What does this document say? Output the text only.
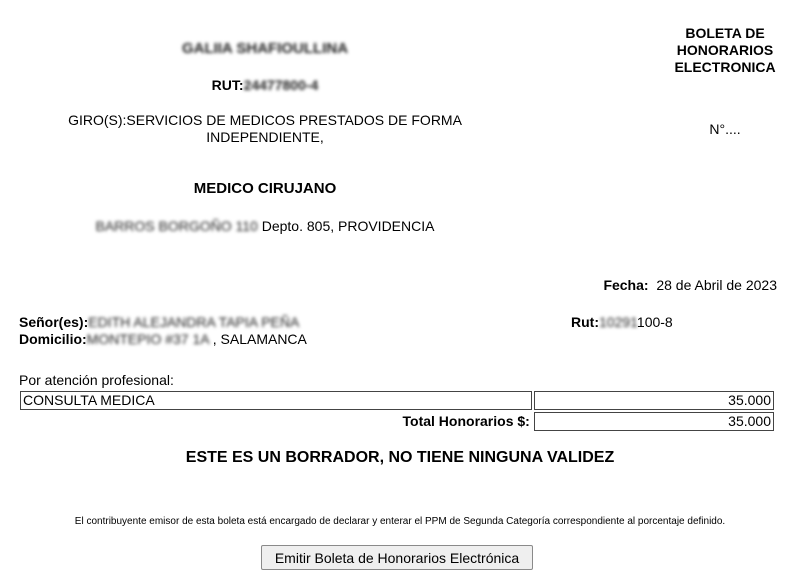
GALIIA SHAFIOULLINA
RUT:24477800-4
GIRO(S):SERVICIOS DE MEDICOS PRESTADOS DE FORMA INDEPENDIENTE,
MEDICO CIRUJANO
BARROS BORGOÑO 110 Depto. 805, PROVIDENCIA
BOLETA DE
HONORARIOS
ELECTRONICA
N°....
Fecha: 28 de Abril de 2023
Señor(es):EDITH ALEJANDRA TAPIA PEÑA
Domicilio:MONTEPIO #37 1A , SALAMANCA
Rut:10291100-8
Por atención profesional:
CONSULTA MEDICA	35.000
Total Honorarios $:	35.000
ESTE ES UN BORRADOR, NO TIENE NINGUNA VALIDEZ
El contribuyente emisor de esta boleta está encargado de declarar y enterar el PPM de Segunda Categoría correspondiente al porcentaje definido.
Emitir Boleta de Honorarios Electrónica
